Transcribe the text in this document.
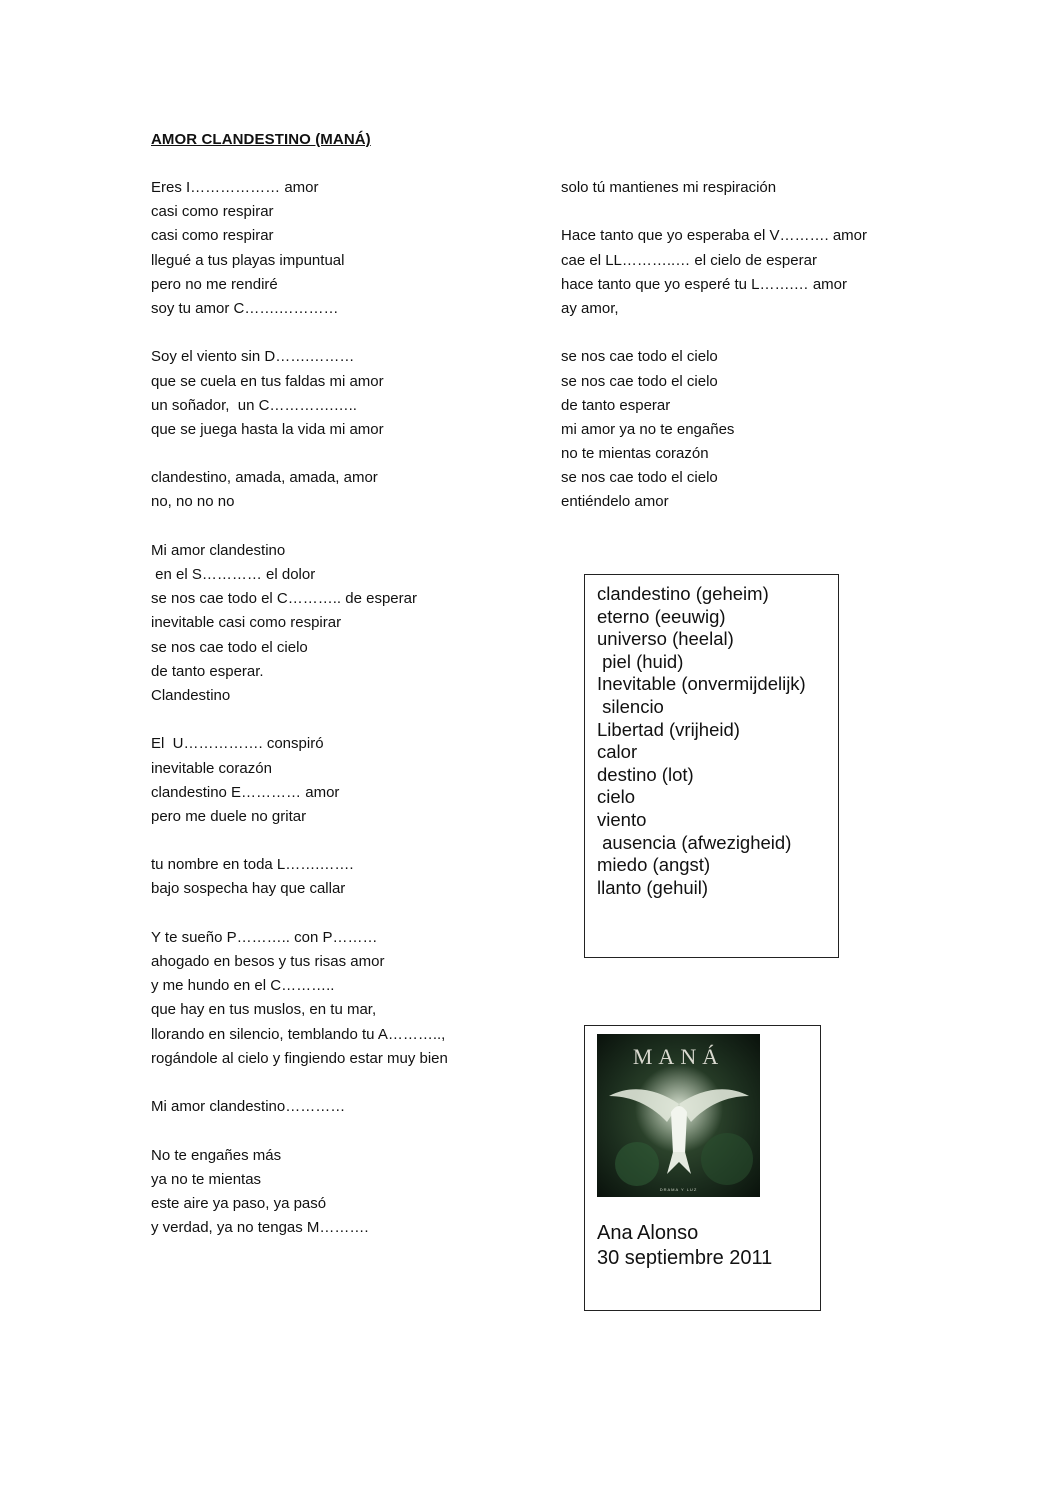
AMOR CLANDESTINO (MANÁ)
Eres I……………… amor
casi como respirar
casi como respirar
llegué a tus playas impuntual
pero no me rendiré
soy tu amor C…….…………
Soy el viento sin D…….………
que se cuela en tus faldas mi amor
un soñador,  un C………….…..
que se juega hasta la vida mi amor
clandestino, amada, amada, amor
no, no no no
Mi amor clandestino
en el S………… el dolor
se nos cae todo el C……….. de esperar
inevitable casi como respirar
se nos cae todo el cielo
de tanto esperar.
Clandestino
El  U……………. conspiró
inevitable corazón
clandestino E………… amor
pero me duele no gritar
tu nombre en toda L…….…….
bajo sospecha hay que callar
Y te sueño P……….. con P………
ahogado en besos y tus risas amor
y me hundo en el C………..
que hay en tus muslos, en tu mar,
llorando en silencio, temblando tu A………..,
rogándole al cielo y fingiendo estar muy bien
Mi amor clandestino…………
No te engañes más
ya no te mientas
este aire ya paso, ya pasó
y verdad, ya no tengas M……….
solo tú mantienes mi respiración
Hace tanto que yo esperaba el V………. amor
cae el LL………..… el cielo de esperar
hace tanto que yo esperé tu L…….… amor
ay amor,
se nos cae todo el cielo
se nos cae todo el cielo
de tanto esperar
mi amor ya no te engañes
no te mientas corazón
se nos cae todo el cielo
entiéndelo amor
clandestino (geheim)
eterno (eeuwig)
universo (heelal)
piel (huid)
Inevitable (onvermijdelijk)
silencio
Libertad (vrijheid)
calor
destino (lot)
cielo
viento
ausencia (afwezigheid)
miedo (angst)
llanto (gehuil)
MANÁ
DRAMA Y LUZ
Ana Alonso
30 septiembre 2011
